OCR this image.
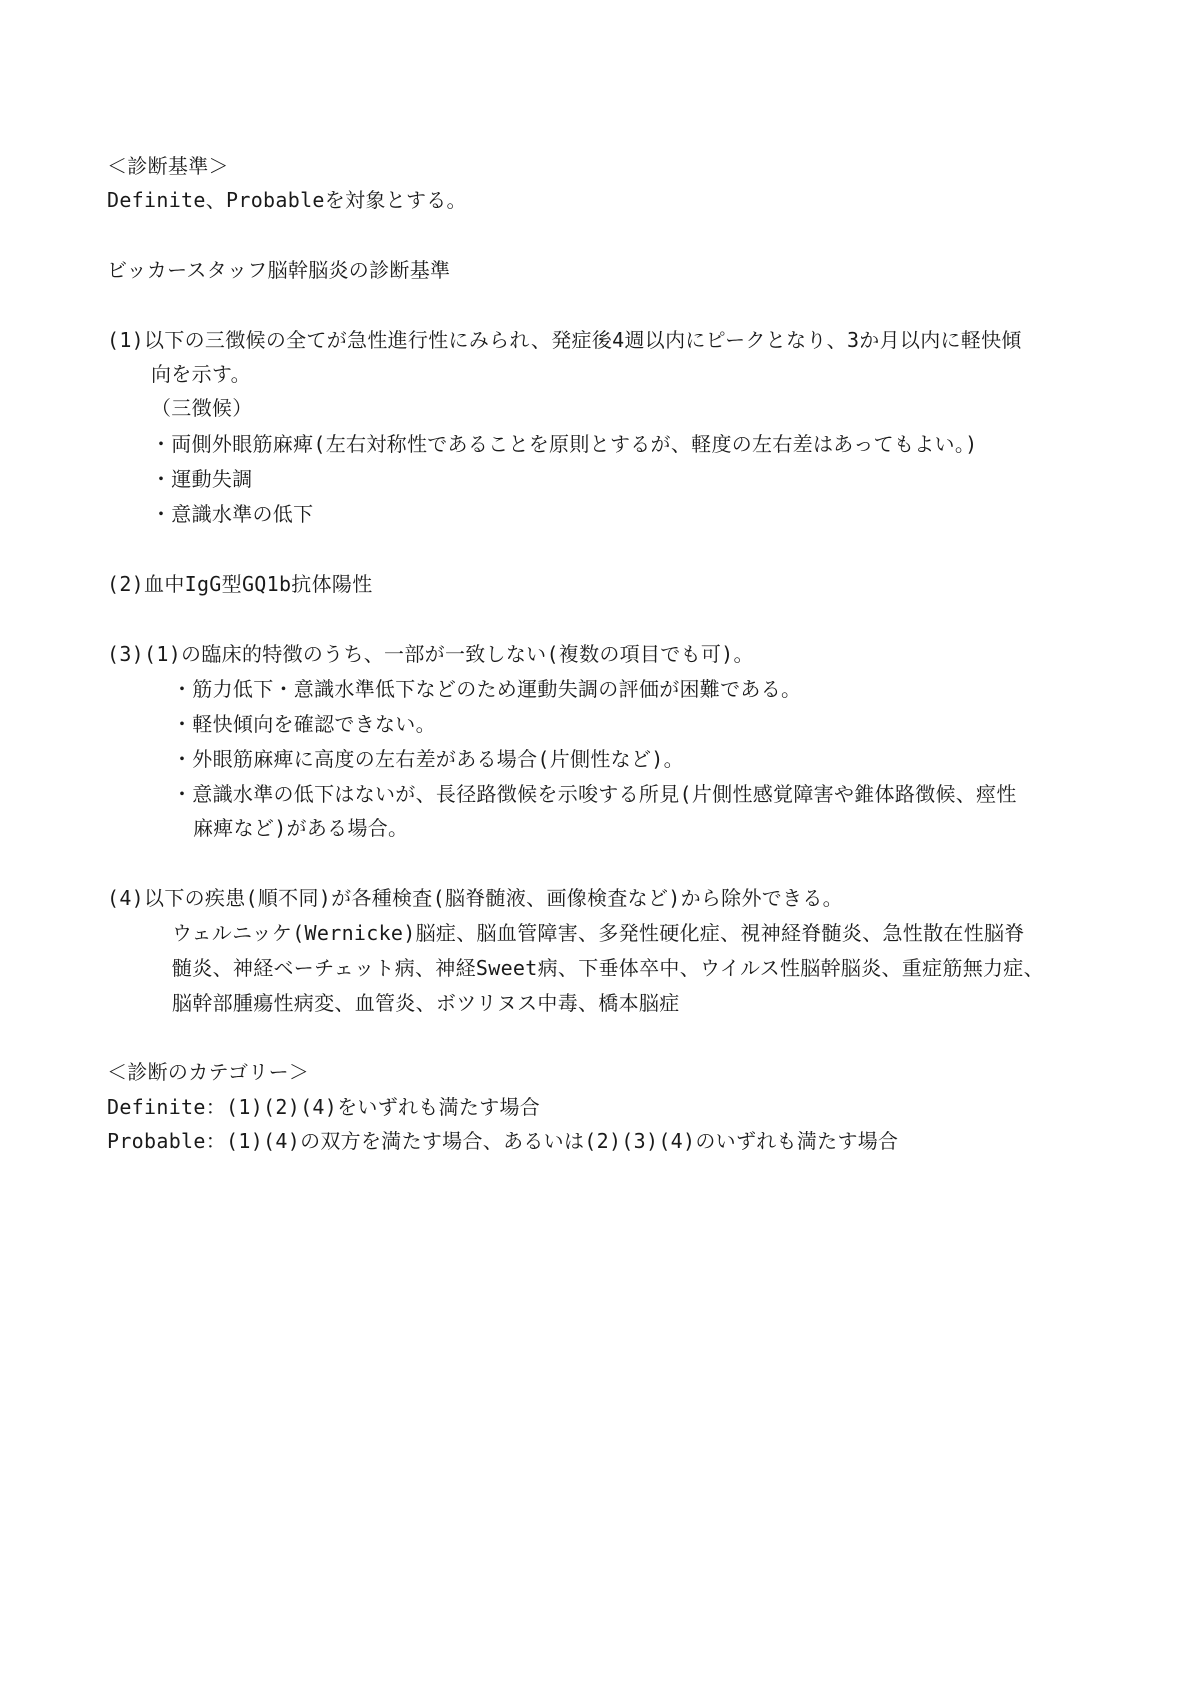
＜診断基準＞
Definite、Probableを対象とする。
ビッカースタッフ脳幹脳炎の診断基準
(1)以下の三徴候の全てが急性進行性にみられ、発症後4週以内にピークとなり、3か月以内に軽快傾
向を示す。
（三徴候）
・両側外眼筋麻痺(左右対称性であることを原則とするが、軽度の左右差はあってもよい。)
・運動失調
・意識水準の低下
(2)血中IgG型GQ1b抗体陽性
(3)(1)の臨床的特徴のうち、一部が一致しない(複数の項目でも可)。
・筋力低下・意識水準低下などのため運動失調の評価が困難である。
・軽快傾向を確認できない。
・外眼筋麻痺に高度の左右差がある場合(片側性など)。
・意識水準の低下はないが、長径路徴候を示唆する所見(片側性感覚障害や錐体路徴候、痙性
麻痺など)がある場合。
(4)以下の疾患(順不同)が各種検査(脳脊髄液、画像検査など)から除外できる。
ウェルニッケ(Wernicke)脳症、脳血管障害、多発性硬化症、視神経脊髄炎、急性散在性脳脊
髄炎、神経ベーチェット病、神経Sweet病、下垂体卒中、ウイルス性脳幹脳炎、重症筋無力症、
脳幹部腫瘍性病変、血管炎、ボツリヌス中毒、橋本脳症
＜診断のカテゴリー＞
Definite：(1)(2)(4)をいずれも満たす場合
Probable：(1)(4)の双方を満たす場合、あるいは(2)(3)(4)のいずれも満たす場合
